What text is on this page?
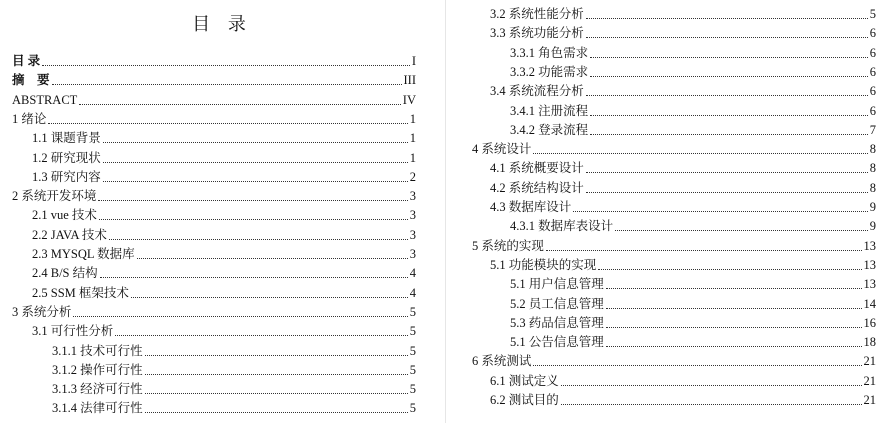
目 录
目 录	I
摘　要	III
ABSTRACT	IV
1 绪论	1
1.1 课题背景	1
1.2 研究现状	1
1.3 研究内容	2
2 系统开发环境	3
2.1 vue 技术	3
2.2 JAVA 技术	3
2.3 MYSQL 数据库	3
2.4 B/S 结构	4
2.5 SSM 框架技术	4
3 系统分析	5
3.1 可行性分析	5
3.1.1 技术可行性	5
3.1.2 操作可行性	5
3.1.3 经济可行性	5
3.1.4 法律可行性	5
3.2 系统性能分析	5
3.3 系统功能分析	6
3.3.1 角色需求	6
3.3.2 功能需求	6
3.4 系统流程分析	6
3.4.1 注册流程	6
3.4.2 登录流程	7
4 系统设计	8
4.1 系统概要设计	8
4.2 系统结构设计	8
4.3 数据库设计	9
4.3.1 数据库表设计	9
5 系统的实现	13
5.1 功能模块的实现	13
5.1 用户信息管理	13
5.2 员工信息管理	14
5.3 药品信息管理	16
5.1 公告信息管理	18
6 系统测试	21
6.1 测试定义	21
6.2 测试目的	21
